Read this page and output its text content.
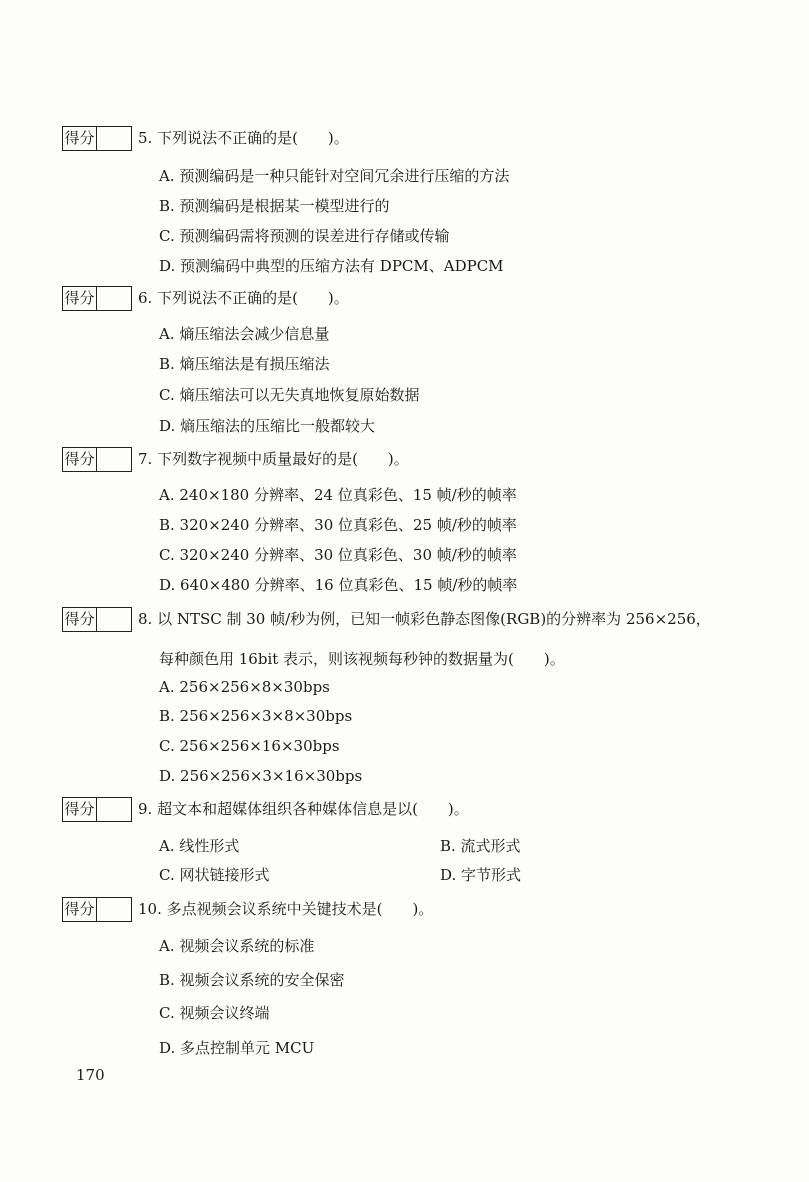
得分	5. 下列说法不正确的是(　　)。
A. 预测编码是一种只能针对空间冗余进行压缩的方法
B. 预测编码是根据某一模型进行的
C. 预测编码需将预测的误差进行存储或传输
D. 预测编码中典型的压缩方法有 DPCM、ADPCM
得分	6. 下列说法不正确的是(　　)。
A. 熵压缩法会减少信息量
B. 熵压缩法是有损压缩法
C. 熵压缩法可以无失真地恢复原始数据
D. 熵压缩法的压缩比一般都较大
得分	7. 下列数字视频中质量最好的是(　　)。
A. 240×180 分辨率、24 位真彩色、15 帧/秒的帧率
B. 320×240 分辨率、30 位真彩色、25 帧/秒的帧率
C. 320×240 分辨率、30 位真彩色、30 帧/秒的帧率
D. 640×480 分辨率、16 位真彩色、15 帧/秒的帧率
得分	8. 以 NTSC 制 30 帧/秒为例，已知一帧彩色静态图像(RGB)的分辨率为 256×256，
每种颜色用 16bit 表示，则该视频每秒钟的数据量为(　　)。
A. 256×256×8×30bps
B. 256×256×3×8×30bps
C. 256×256×16×30bps
D. 256×256×3×16×30bps
得分	9. 超文本和超媒体组织各种媒体信息是以(　　)。
A. 线性形式	B. 流式形式
C. 网状链接形式	D. 字节形式
得分	10. 多点视频会议系统中关键技术是(　　)。
A. 视频会议系统的标准
B. 视频会议系统的安全保密
C. 视频会议终端
D. 多点控制单元 MCU
170
